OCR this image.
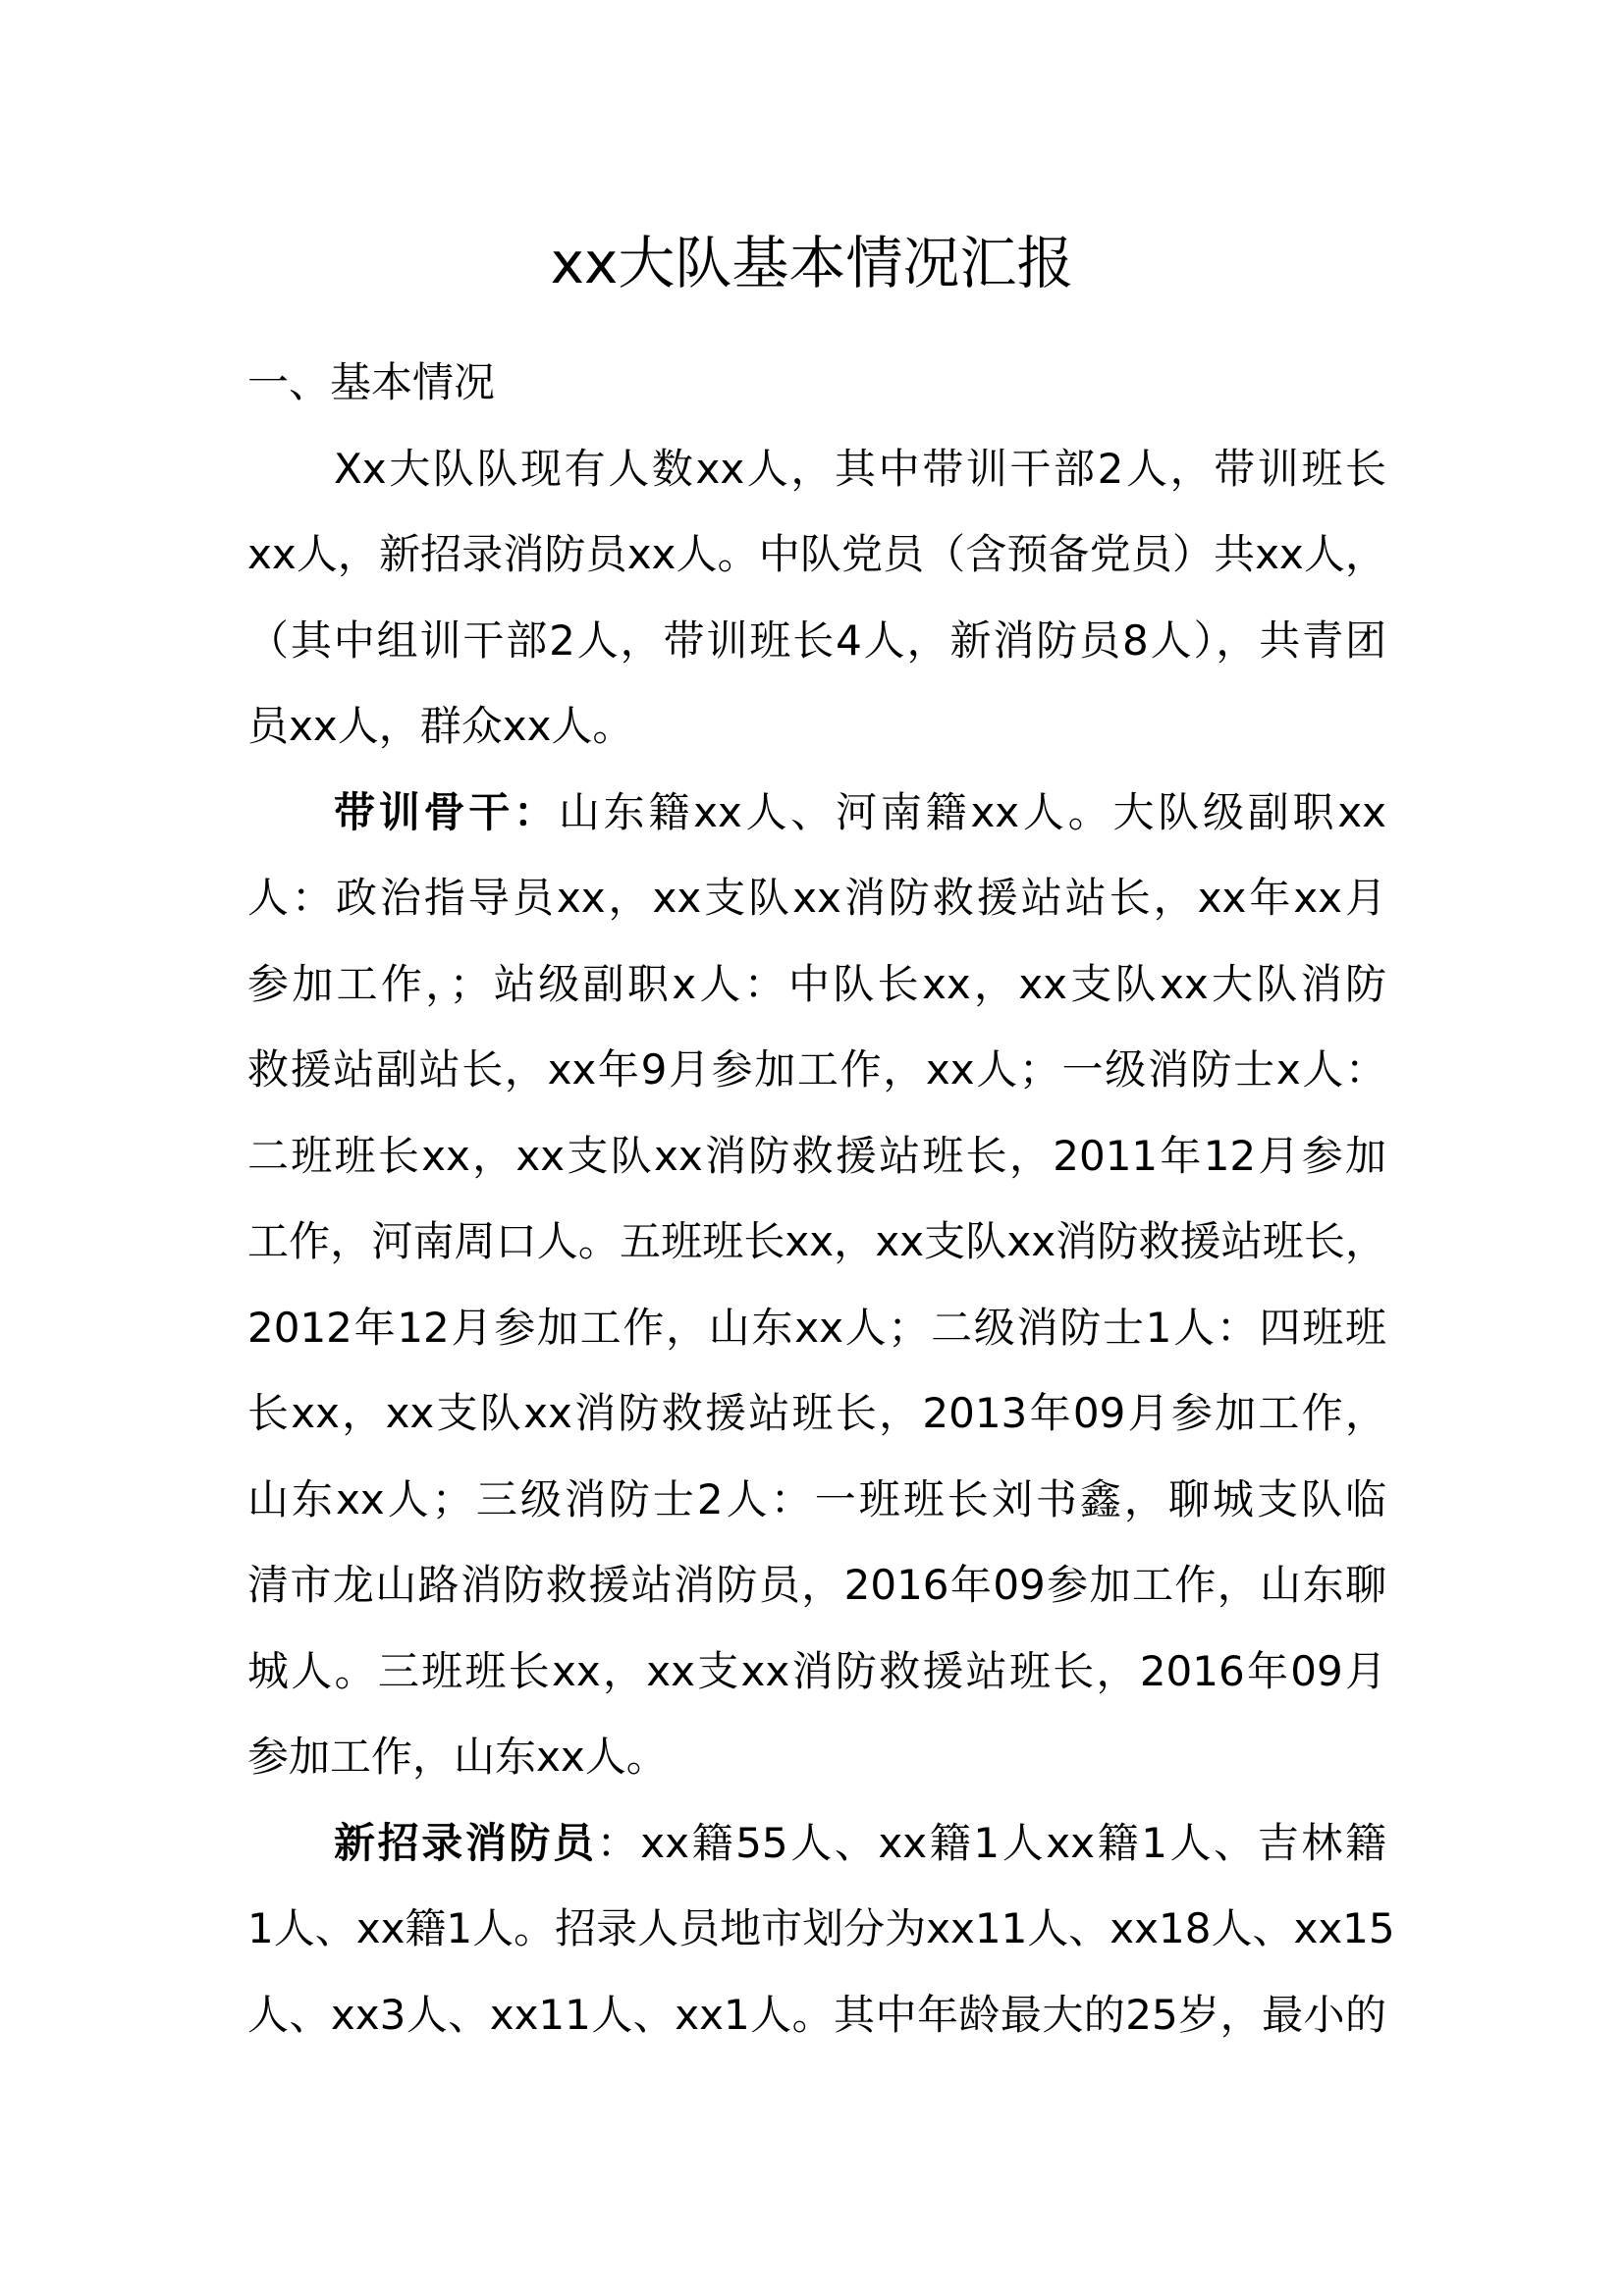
xx大队基本情况汇报
一、基本情况
Xx大队队现有人数xx人，其中带训干部2人，带训班长
xx人，新招录消防员xx人。中队党员（含预备党员）共xx人，
（其中组训干部2人，带训班长4人，新消防员8人），共青团
员xx人，群众xx人。
带训骨干：山东籍xx人、河南籍xx人。大队级副职xx
人：政治指导员xx，xx支队xx消防救援站站长，xx年xx月
参加工作，；站级副职x人：中队长xx，xx支队xx大队消防
救援站副站长，xx年9月参加工作，xx人；一级消防士x人：
二班班长xx，xx支队xx消防救援站班长，2011年12月参加
工作，河南周口人。五班班长xx，xx支队xx消防救援站班长，
2012年12月参加工作，山东xx人；二级消防士1人：四班班
长xx，xx支队xx消防救援站班长，2013年09月参加工作，
山东xx人；三级消防士2人：一班班长刘书鑫，聊城支队临
清市龙山路消防救援站消防员，2016年09参加工作，山东聊
城人。三班班长xx，xx支xx消防救援站班长，2016年09月
参加工作，山东xx人。
新招录消防员：xx籍55人、xx籍1人xx籍1人、吉林籍
1人、xx籍1人。招录人员地市划分为xx11人、xx18人、xx15
人、xx3人、xx11人、xx1人。其中年龄最大的25岁，最小的
